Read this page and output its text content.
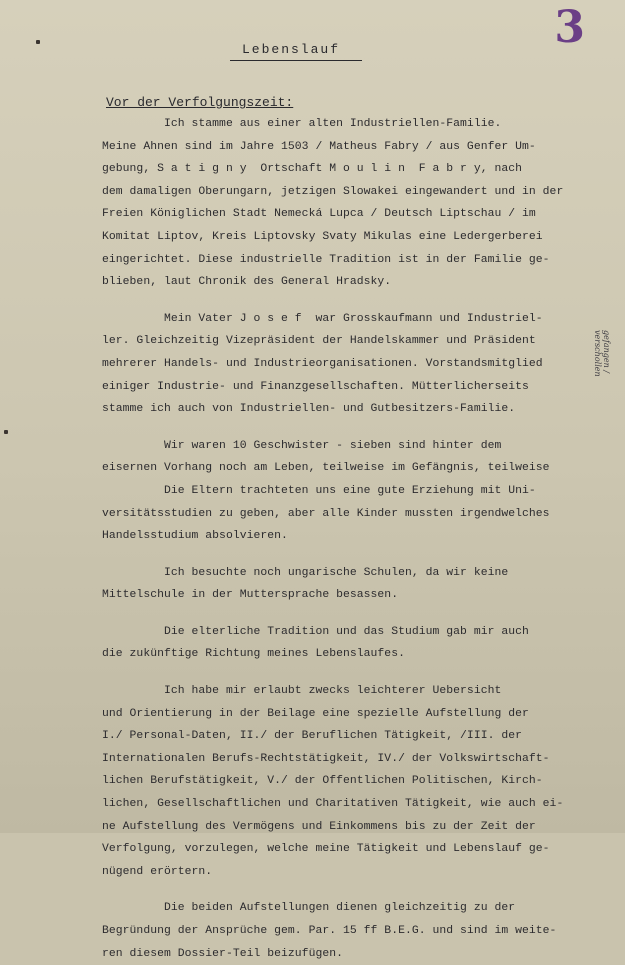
3
Lebenslauf
Vor der Verfolgungszeit:
Ich stamme aus einer alten Industriellen-Familie.
Meine Ahnen sind im Jahre 1503 / Matheus Fabry / aus Genfer Um-
gebung, S a t i g n y  Ortschaft M o u l i n  F a b r y, nach
dem damaligen Oberungarn, jetzigen Slowakei eingewandert und in der
Freien Königlichen Stadt Nemecká Lupca / Deutsch Liptschau / im
Komitat Liptov, Kreis Liptovsky Svaty Mikulas eine Ledergerberei
eingerichtet. Diese industrielle Tradition ist in der Familie ge-
blieben, laut Chronik des General Hradsky.
Mein Vater J o s e f  war Grosskaufmann und Industriel-
ler. Gleichzeitig Vizepräsident der Handelskammer und Präsident
mehrerer Handels- und Industrieorganisationen. Vorstandsmitglied
einiger Industrie- und Finanzgesellschaften. Mütterlicherseits
stamme ich auch von Industriellen- und Gutbesitzers-Familie.
Wir waren 10 Geschwister - sieben sind hinter dem
eisernen Vorhang noch am Leben, teilweise im Gefängnis, teilweise
Die Eltern trachteten uns eine gute Erziehung mit Uni-
versitätsstudien zu geben, aber alle Kinder mussten irgendwelches
Handelsstudium absolvieren.
Ich besuchte noch ungarische Schulen, da wir keine
Mittelschule in der Muttersprache besassen.
Die elterliche Tradition und das Studium gab mir auch
die zukünftige Richtung meines Lebenslaufes.
Ich habe mir erlaubt zwecks leichterer Uebersicht
und Orientierung in der Beilage eine spezielle Aufstellung der
I./ Personal-Daten, II./ der Beruflichen Tätigkeit, /III. der
Internationalen Berufs-Rechtstätigkeit, IV./ der Volkswirtschaft-
lichen Berufstätigkeit, V./ der Offentlichen Politischen, Kirch-
lichen, Gesellschaftlichen und Charitativen Tätigkeit, wie auch ei-
ne Aufstellung des Vermögens und Einkommens bis zu der Zeit der
Verfolgung, vorzulegen, welche meine Tätigkeit und Lebenslauf ge-
nügend erörtern.
Die beiden Aufstellungen dienen gleichzeitig zu der
Begründung der Ansprüche gem. Par. 15 ff B.E.G. und sind im weite-
ren diesem Dossier-Teil beizufügen.
gefangen / verschollen
